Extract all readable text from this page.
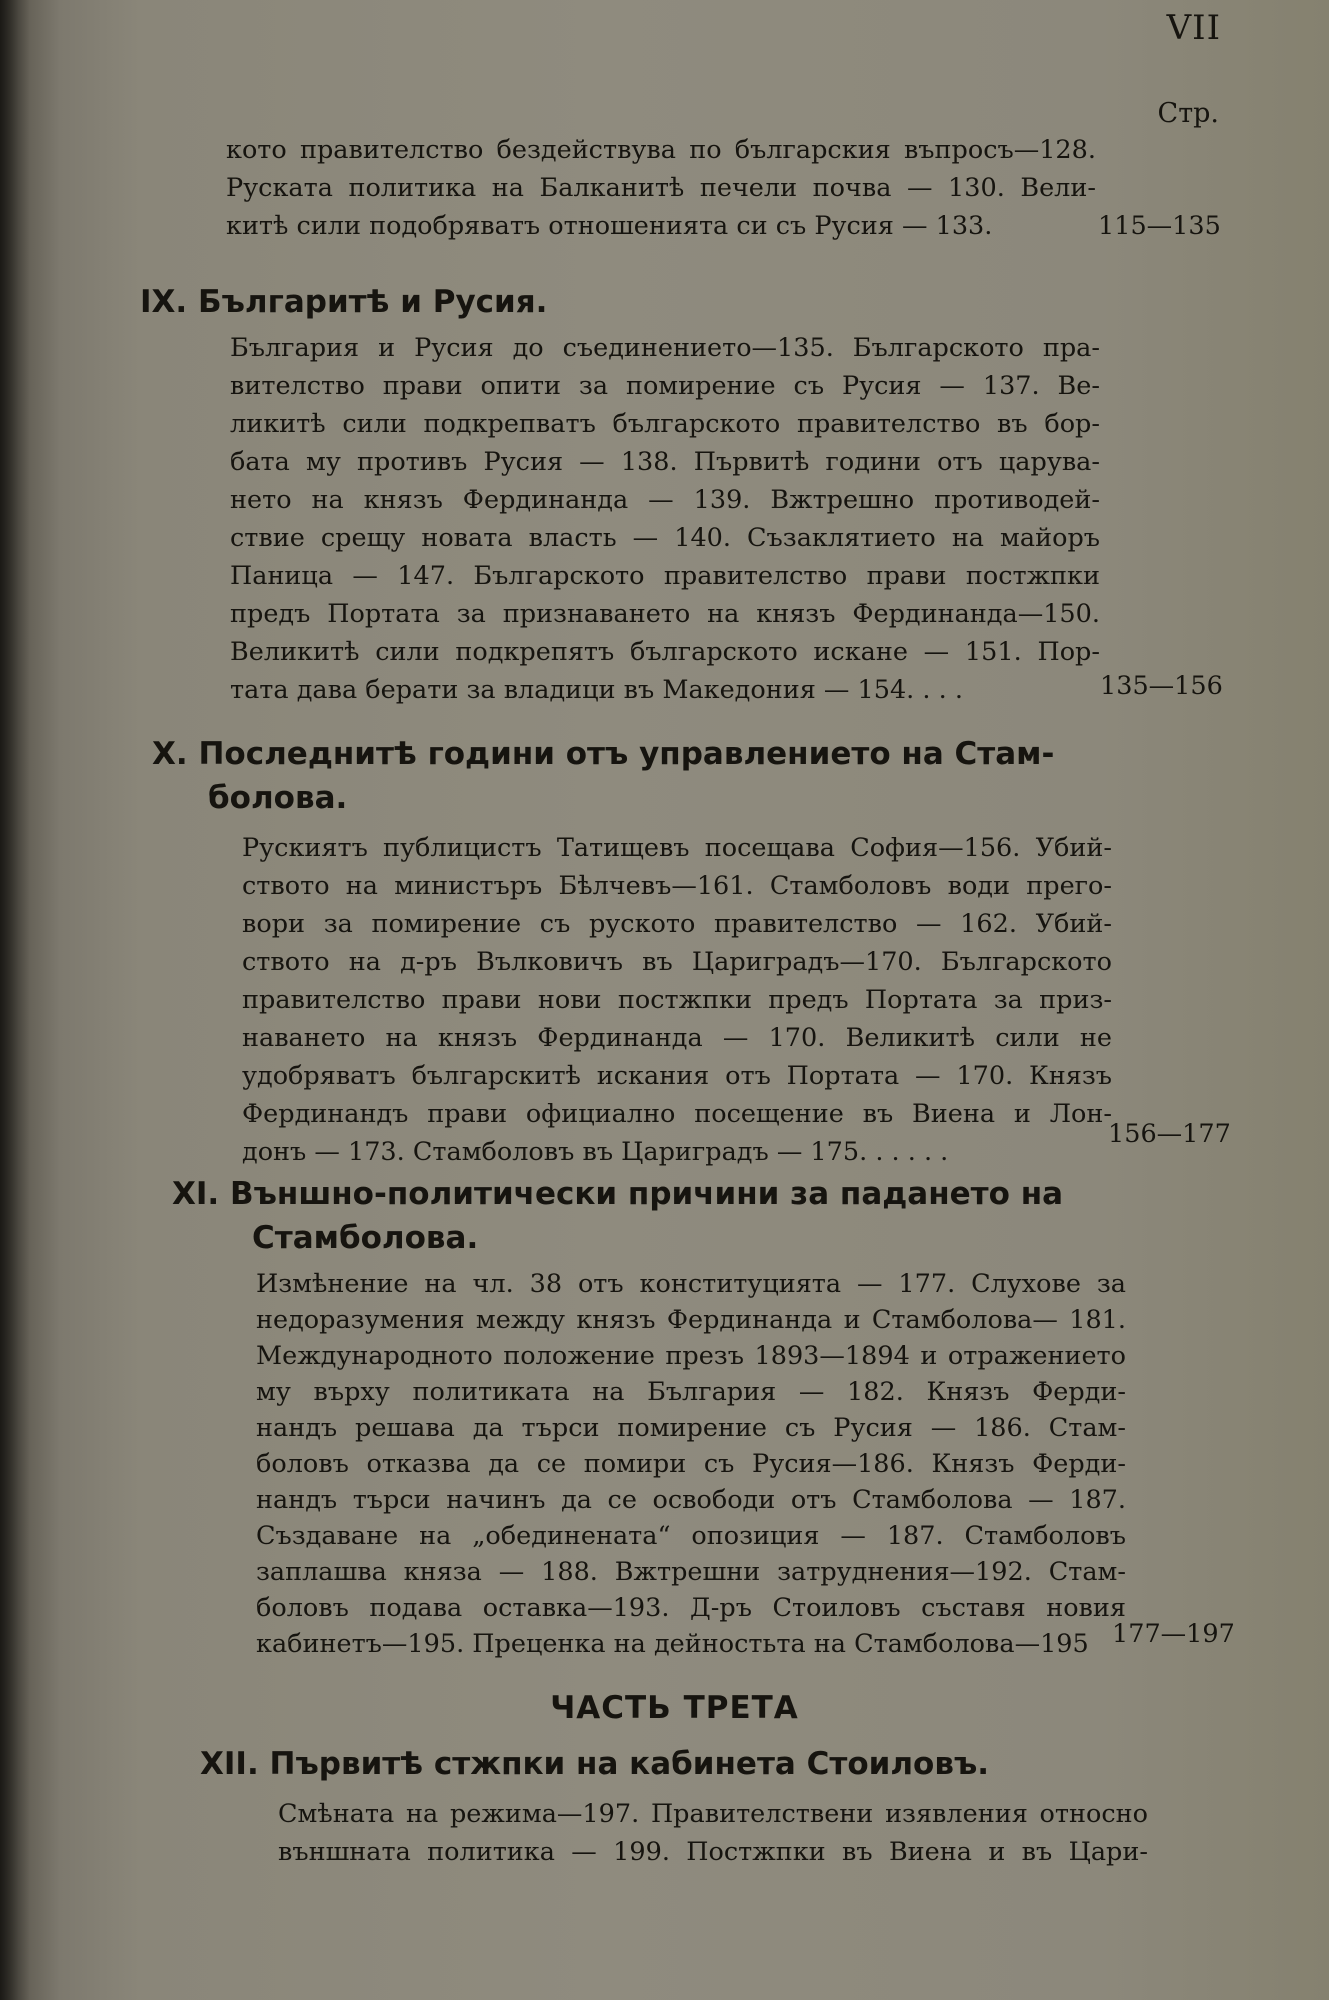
VII
Стр.
кото правителство бездействува по българския въпросъ—128.
Руската политика на Балканитѣ печели почва — 130. Вели-
китѣ сили подобряватъ отношенията си съ Русия — 133.	115—135
IX. Българитѣ и Русия.
България и Русия до съединението—135. Българското пра-
вителство прави опити за помирение съ Русия — 137. Ве-
ликитѣ сили подкрепватъ българското правителство въ бор-
бата му противъ Русия — 138. Първитѣ години отъ царува-
нето на князъ Фердинанда — 139. Вжтрешно противодей-
ствие срещу новата власть — 140. Съзаклятието на майоръ
Паница — 147. Българското правителство прави постжпки
предъ Портата за признаването на князъ Фердинанда—150.
Великитѣ сили подкрепятъ българското искане — 151. Пор-
тата дава берати за владици въ Македония — 154. . . .	135—156
X. Последнитѣ години отъ управлението на Стам-
болова.
Рускиятъ публицистъ Татищевъ посещава София—156. Убий-
ството на министъръ Бѣлчевъ—161. Стамболовъ води прего-
вори за помирение съ руското правителство — 162. Убий-
ството на д-ръ Вълковичъ въ Цариградъ—170. Българското
правителство прави нови постжпки предъ Портата за приз-
наването на князъ Фердинанда — 170. Великитѣ сили не
удобряватъ българскитѣ искания отъ Портата — 170. Князъ
Фердинандъ прави официално посещение въ Виена и Лон-
донъ — 173. Стамболовъ въ Цариградъ — 175. . . . . .
156—177
XI. Външно-политически причини за падането на
Стамболова.
Измѣнение на чл. 38 отъ конституцията — 177. Слухове за
недоразумения между князъ Фердинанда и Стамболова— 181.
Международното положение презъ 1893—1894 и отражението
му върху политиката на България — 182. Князъ Ферди-
нандъ решава да търси помирение съ Русия — 186. Стам-
боловъ отказва да се помири съ Русия—186. Князъ Ферди-
нандъ търси начинъ да се освободи отъ Стамболова — 187.
Създаване на „обединената“ опозиция — 187. Стамболовъ
заплашва княза — 188. Вжтрешни затруднения—192. Стам-
боловъ подава оставка—193. Д-ръ Стоиловъ съставя новия
кабинетъ—195. Преценка на дейностьта на Стамболова—195 177—197
ЧАСТЬ ТРЕТА
XII. Първитѣ стжпки на кабинета Стоиловъ.
Смѣната на режима—197. Правителствени изявления относно
външната политика — 199. Постжпки въ Виена и въ Цари-
